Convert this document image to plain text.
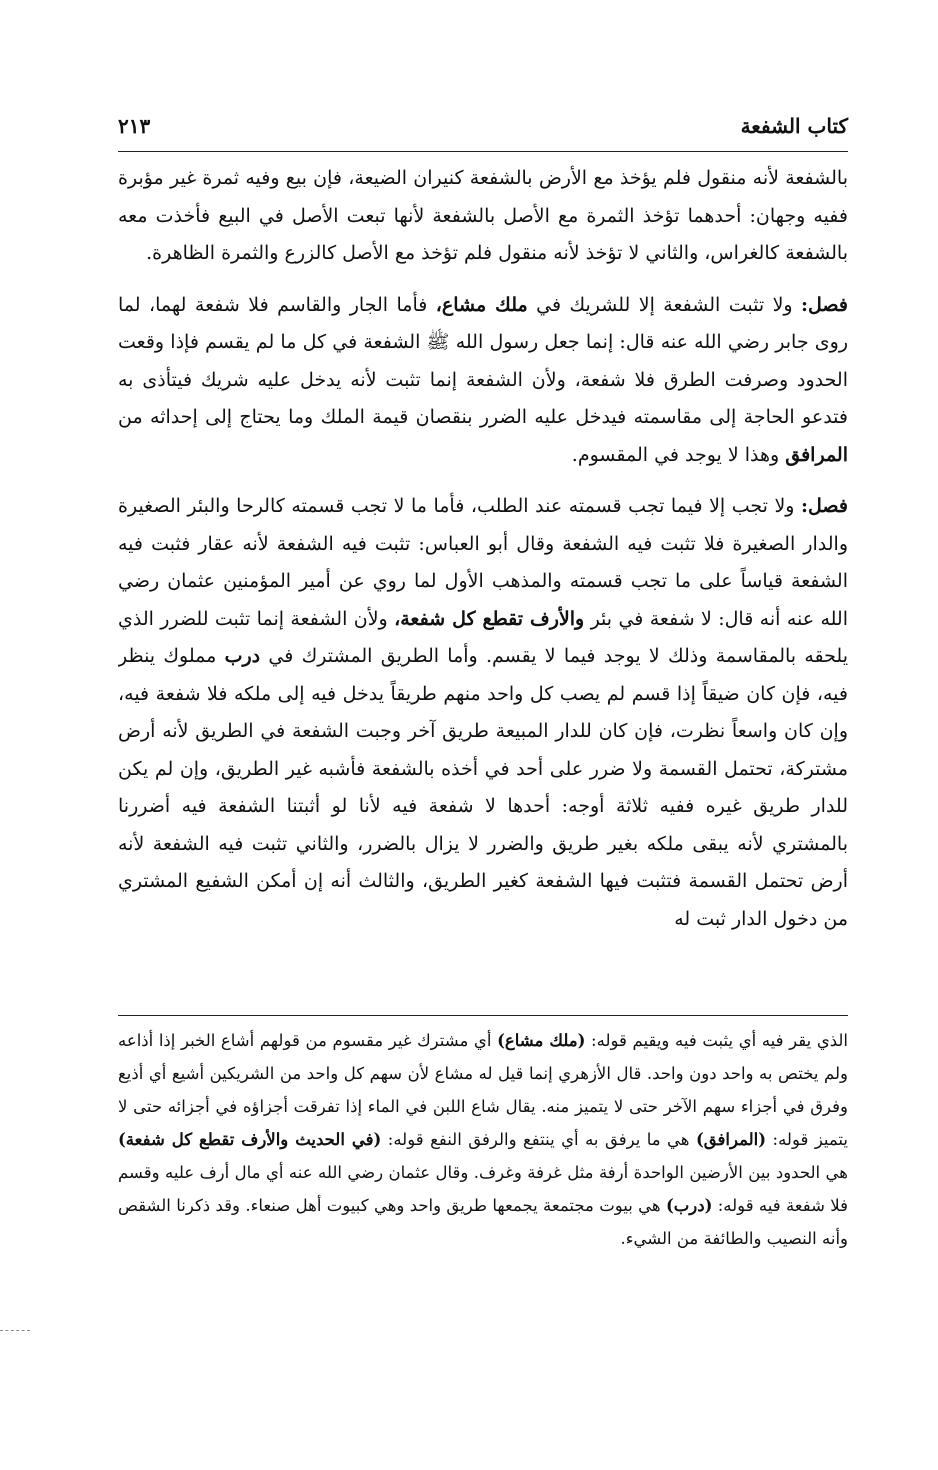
كتاب الشفعة
٢١٣

بالشفعة لأنه منقول فلم يؤخذ مع الأرض بالشفعة كنيران الضيعة، فإن بيع وفيه ثمرة غير مؤبرة ففيه وجهان: أحدهما تؤخذ الثمرة مع الأصل بالشفعة لأنها تبعت الأصل في البيع فأخذت معه بالشفعة كالغراس، والثاني لا تؤخذ لأنه منقول فلم تؤخذ مع الأصل كالزرع والثمرة الظاهرة.

فصل: ولا تثبت الشفعة إلا للشريك في ملك مشاع، فأما الجار والقاسم فلا شفعة لهما، لما روى جابر رضي الله عنه قال: إنما جعل رسول الله ﷺ الشفعة في كل ما لم يقسم فإذا وقعت الحدود وصرفت الطرق فلا شفعة، ولأن الشفعة إنما تثبت لأنه يدخل عليه شريك فيتأذى به فتدعو الحاجة إلى مقاسمته فيدخل عليه الضرر بنقصان قيمة الملك وما يحتاج إلى إحداثه من المرافق وهذا لا يوجد في المقسوم.

فصل: ولا تجب إلا فيما تجب قسمته عند الطلب، فأما ما لا تجب قسمته كالرحا والبئر الصغيرة والدار الصغيرة فلا تثبت فيه الشفعة وقال أبو العباس: تثبت فيه الشفعة لأنه عقار فثبت فيه الشفعة قياساً على ما تجب قسمته والمذهب الأول لما روي عن أمير المؤمنين عثمان رضي الله عنه أنه قال: لا شفعة في بئر والأرف تقطع كل شفعة، ولأن الشفعة إنما تثبت للضرر الذي يلحقه بالمقاسمة وذلك لا يوجد فيما لا يقسم. وأما الطريق المشترك في درب مملوك ينظر فيه، فإن كان ضيقاً إذا قسم لم يصب كل واحد منهم طريقاً يدخل فيه إلى ملكه فلا شفعة فيه، وإن كان واسعاً نظرت، فإن كان للدار المبيعة طريق آخر وجبت الشفعة في الطريق لأنه أرض مشتركة، تحتمل القسمة ولا ضرر على أحد في أخذه بالشفعة فأشبه غير الطريق، وإن لم يكن للدار طريق غيره ففيه ثلاثة أوجه: أحدها لا شفعة فيه لأنا لو أثبتنا الشفعة فيه أضررنا بالمشتري لأنه يبقى ملكه بغير طريق والضرر لا يزال بالضرر، والثاني تثبت فيه الشفعة لأنه أرض تحتمل القسمة فتثبت فيها الشفعة كغير الطريق، والثالث أنه إن أمكن الشفيع المشتري من دخول الدار ثبت له

الذي يقر فيه أي يثبت فيه ويقيم قوله: (ملك مشاع) أي مشترك غير مقسوم من قولهم أشاع الخبر إذا أذاعه ولم يختص به واحد دون واحد. قال الأزهري إنما قيل له مشاع لأن سهم كل واحد من الشريكين أشيع أي أذيع وفرق في أجزاء سهم الآخر حتى لا يتميز منه. يقال شاع اللبن في الماء إذا تفرقت أجزاؤه في أجزائه حتى لا يتميز قوله: (المرافق) هي ما يرفق به أي ينتفع والرفق النفع قوله: (في الحديث والأرف تقطع كل شفعة) هي الحدود بين الأرضين الواحدة أرفة مثل غرفة وغرف. وقال عثمان رضي الله عنه أي مال أرف عليه وقسم فلا شفعة فيه قوله: (درب) هي بيوت مجتمعة يجمعها طريق واحد وهي كبيوت أهل صنعاء. وقد ذكرنا الشقص وأنه النصيب والطائفة من الشيء.
